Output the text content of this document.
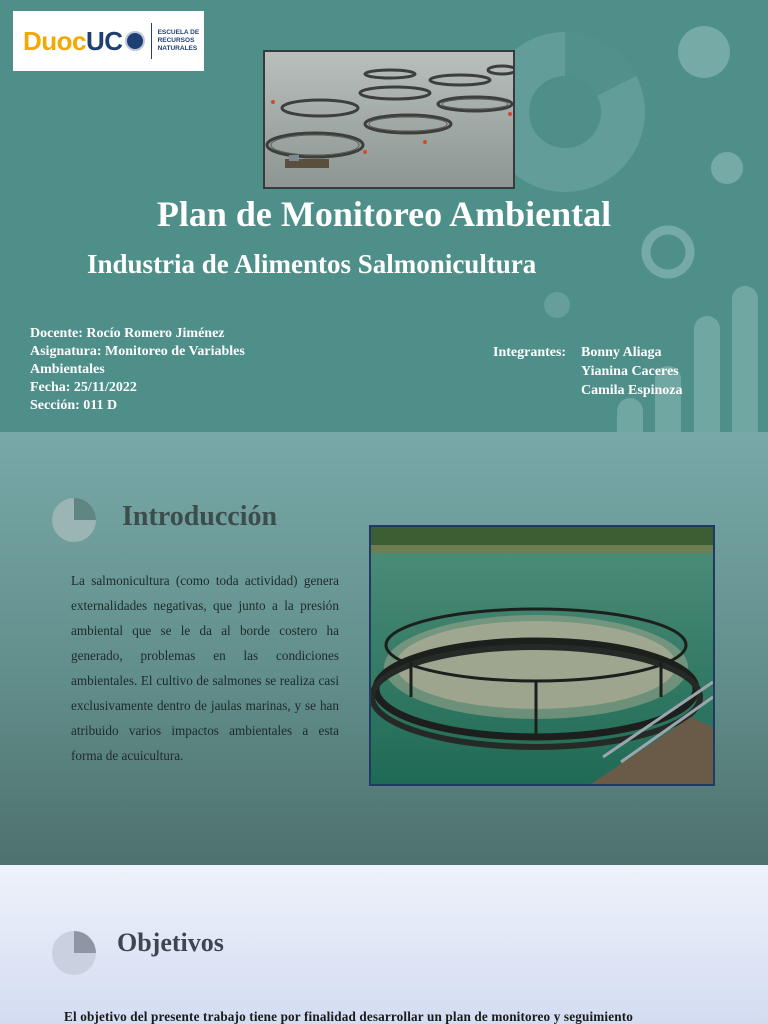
DuocUC	ESCUELA DE RECURSOS NATURALES
Plan de Monitoreo Ambiental
Industria de Alimentos Salmonicultura
Docente: Rocío Romero Jiménez
Asignatura: Monitoreo de Variables Ambientales
Fecha: 25/11/2022
Sección: 011 D
Integrantes:	Bonny Aliaga
Yianina Caceres
Camila Espinoza
Introducción

La salmonicultura (como toda actividad) genera externalidades negativas, que junto a la presión ambiental que se le da al borde costero ha generado, problemas en las condiciones ambientales. El cultivo de salmones se realiza casi exclusivamente dentro de jaulas marinas, y se han atribuido varios impactos ambientales a esta forma de acuicultura.

Objetivos

El objetivo del presente trabajo tiene por finalidad desarrollar un plan de monitoreo y seguimiento
